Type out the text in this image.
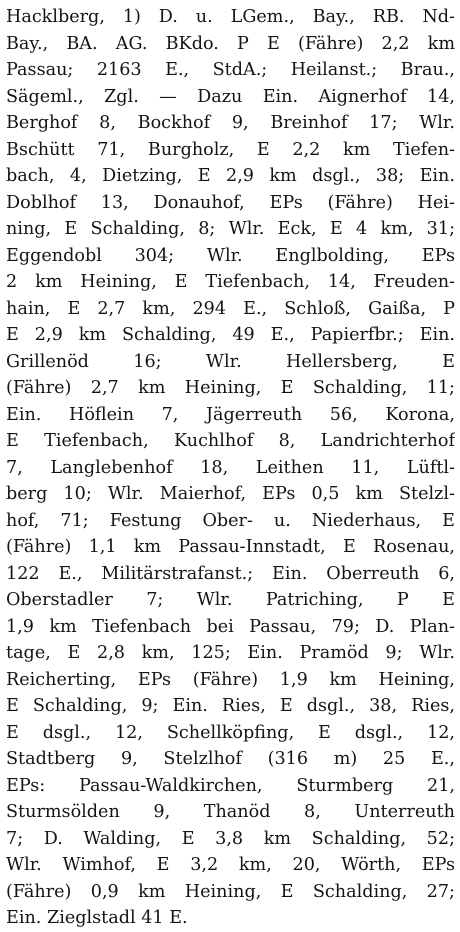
Hacklberg, 1) D. u. LGem., Bay., RB. Nd-
Bay., BA. AG. BKdo. P E (Fähre) 2,2 km
Passau; 2163 E., StdA.; Heilanst.; Brau.,
Sägeml., Zgl. — Dazu Ein. Aignerhof 14,
Berghof 8, Bockhof 9, Breinhof 17; Wlr.
Bschütt 71, Burgholz, E 2,2 km Tiefen-
bach, 4, Dietzing, E 2,9 km dsgl., 38; Ein.
Doblhof 13, Donauhof, EPs (Fähre) Hei-
ning, E Schalding, 8; Wlr. Eck, E 4 km, 31;
Eggendobl 304; Wlr. Englbolding, EPs
2 km Heining, E Tiefenbach, 14, Freuden-
hain, E 2,7 km, 294 E., Schloß, Gaißa, P
E 2,9 km Schalding, 49 E., Papierfbr.; Ein.
Grillenöd 16; Wlr. Hellersberg, E
(Fähre) 2,7 km Heining, E Schalding, 11;
Ein. Höflein 7, Jägerreuth 56, Korona,
E Tiefenbach, Kuchlhof 8, Landrichterhof
7, Langlebenhof 18, Leithen 11, Lüftl-
berg 10; Wlr. Maierhof, EPs 0,5 km Stelzl-
hof, 71; Festung Ober- u. Niederhaus, E
(Fähre) 1,1 km Passau-Innstadt, E Rosenau,
122 E., Militärstrafanst.; Ein. Oberreuth 6,
Oberstadler 7; Wlr. Patriching, P E
1,9 km Tiefenbach bei Passau, 79; D. Plan-
tage, E 2,8 km, 125; Ein. Pramöd 9; Wlr.
Reicherting, EPs (Fähre) 1,9 km Heining,
E Schalding, 9; Ein. Ries, E dsgl., 38, Ries,
E dsgl., 12, Schellköpfing, E dsgl., 12,
Stadtberg 9, Stelzlhof (316 m) 25 E.,
EPs: Passau-Waldkirchen, Sturmberg 21,
Sturmsölden 9, Thanöd 8, Unterreuth
7; D. Walding, E 3,8 km Schalding, 52;
Wlr. Wimhof, E 3,2 km, 20, Wörth, EPs
(Fähre) 0,9 km Heining, E Schalding, 27;
Ein. Zieglstadl 41 E.
